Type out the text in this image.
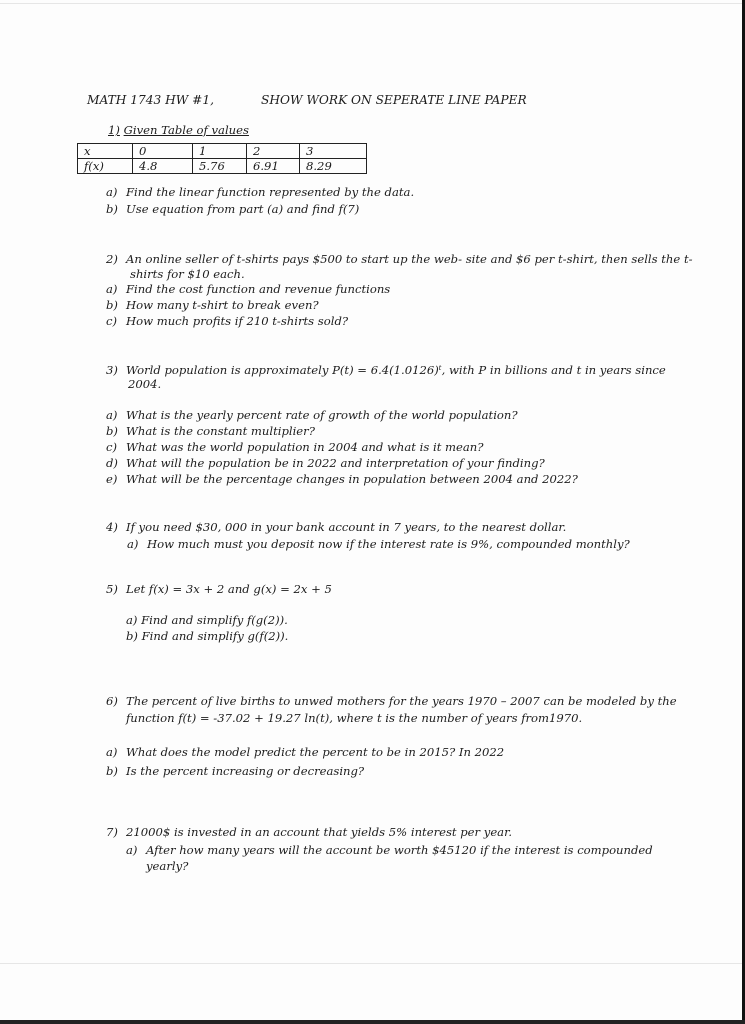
MATH 1743 HW #1,	SHOW WORK ON SEPERATE LINE PAPER
1) Given Table of values
x	0	1	2	3
f(x)	4.8	5.76	6.91	8.29
a) Find the linear function represented by the data.
b) Use equation from part (a) and find f(7)
2) An online seller of t-shirts pays $500 to start up the web- site and $6 per t-shirt, then sells the t-
shirts for $10 each.
a) Find the cost function and revenue functions
b) How many t-shirt to break even?
c) How much profits if 210 t-shirts sold?
3) World population is approximately P(t) = 6.4(1.0126)ᵗ, with P in billions and t in years since
2004.
a) What is the yearly percent rate of growth of the world population?
b) What is the constant multiplier?
c) What was the world population in 2004 and what is it mean?
d) What will the population be in 2022 and interpretation of your finding?
e) What will be the percentage changes in population between 2004 and 2022?
4) If you need $30, 000 in your bank account in 7 years, to the nearest dollar.
a) How much must you deposit now if the interest rate is 9%, compounded monthly?
5) Let f(x) = 3x + 2 and g(x) = 2x + 5
a) Find and simplify f(g(2)).
b) Find and simplify g(f(2)).
6) The percent of live births to unwed mothers for the years 1970 – 2007 can be modeled by the
function f(t) = -37.02 + 19.27 ln(t), where t is the number of years from1970.
a) What does the model predict the percent to be in 2015? In 2022
b) Is the percent increasing or decreasing?
7) 21000$ is invested in an account that yields 5% interest per year.
a) After how many years will the account be worth $45120 if the interest is compounded
yearly?
